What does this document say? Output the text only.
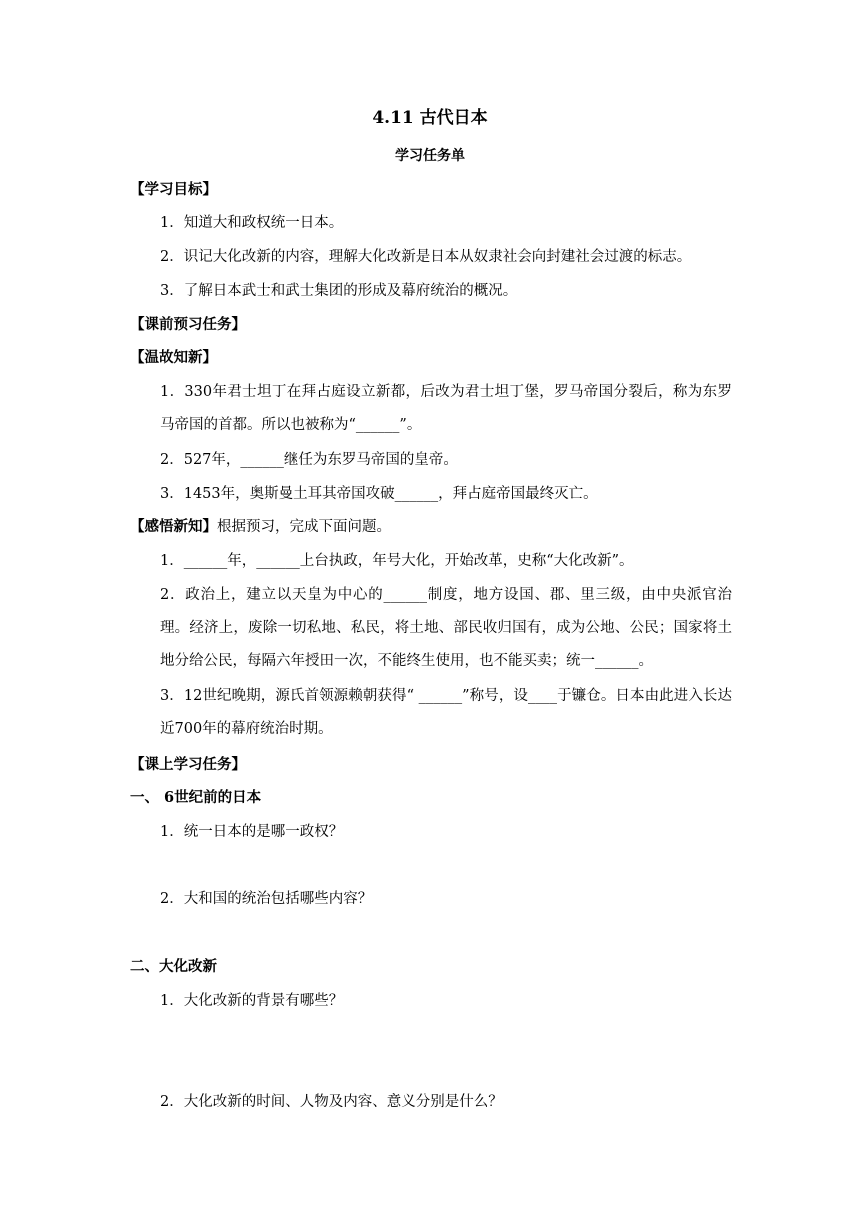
4.11 古代日本
学习任务单
【学习目标】
1．知道大和政权统一日本。
2．识记大化改新的内容，理解大化改新是日本从奴隶社会向封建社会过渡的标志。
3．了解日本武士和武士集团的形成及幕府统治的概况。
【课前预习任务】
【温故知新】
1．330年君士坦丁在拜占庭设立新都，后改为君士坦丁堡，罗马帝国分裂后，称为东罗马帝国的首都。所以也被称为“______”。
2．527年，______继任为东罗马帝国的皇帝。
3．1453年，奥斯曼土耳其帝国攻破______，拜占庭帝国最终灭亡。
【感悟新知】根据预习，完成下面问题。
1．______年，______上台执政，年号大化，开始改革，史称“大化改新”。
2．政治上，建立以天皇为中心的______制度，地方设国、郡、里三级，由中央派官治理。经济上，废除一切私地、私民，将土地、部民收归国有，成为公地、公民；国家将土地分给公民，每隔六年授田一次，不能终生使用，也不能买卖；统一______。
3．12世纪晚期，源氏首领源赖朝获得“ ______”称号，设____于镰仓。日本由此进入长达近700年的幕府统治时期。
【课上学习任务】
一、 6世纪前的日本
1．统一日本的是哪一政权？
2．大和国的统治包括哪些内容？
二、大化改新
1．大化改新的背景有哪些？
2．大化改新的时间、人物及内容、意义分别是什么？
